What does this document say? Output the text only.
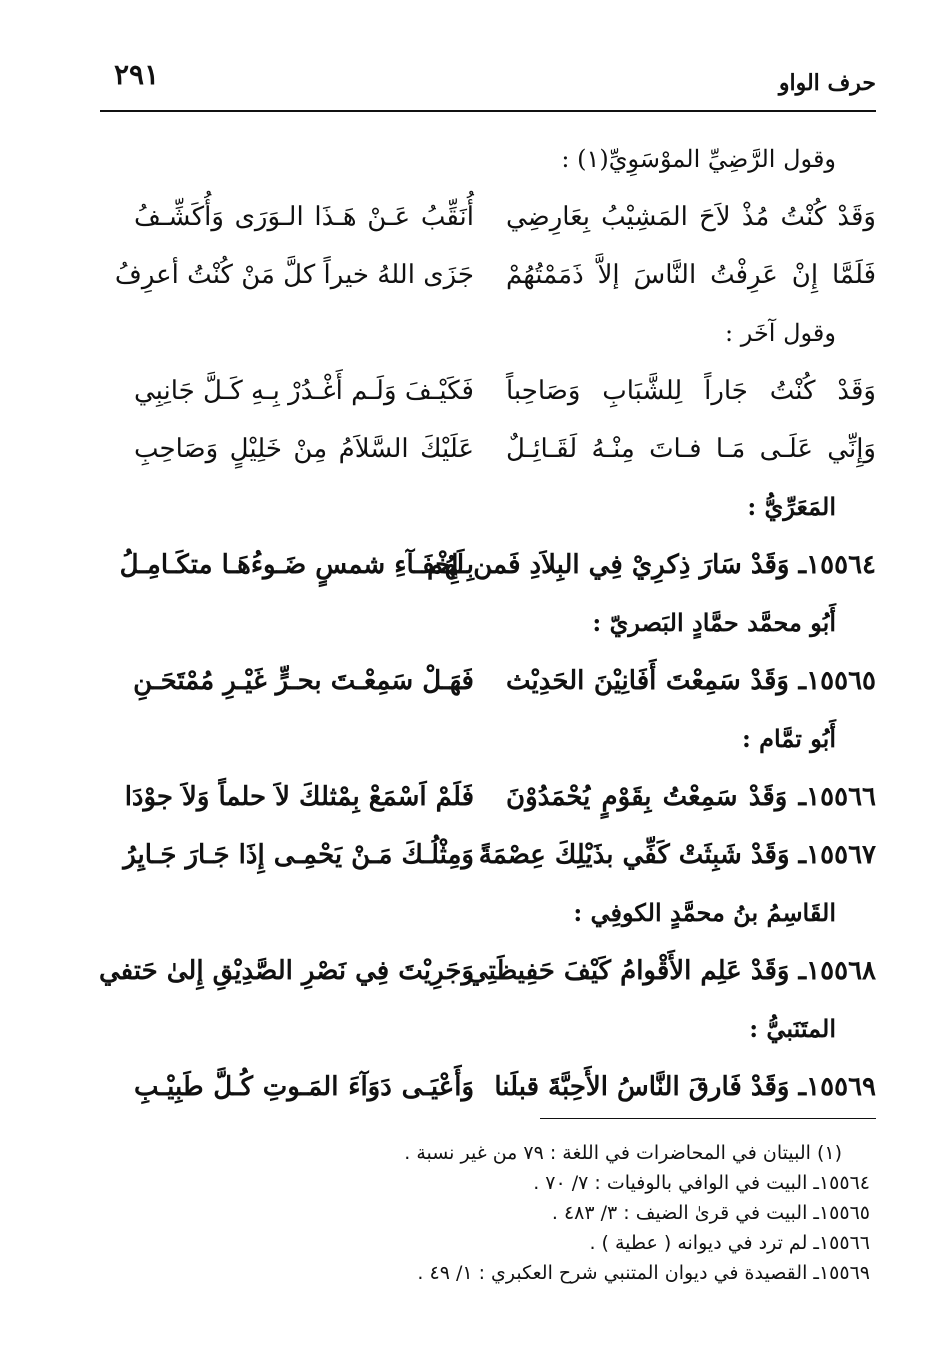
٢٩١	حرف الواو
وقول الرَّضِيِّ الموْسَوِيِّ(١) :
وَقَدْ كُنْتُ مُذْ لاَحَ المَشِيْبُ بِعَارِضِي
أُنَقِّبُ عَـنْ هَـذَا الـوَرَى وَأُكَشِّـفُ
فَلَمَّا إِنْ عَرِفْتُ النَّاسَ إلاَّ ذَمَمْتُهُمْ
جَزَى اللهُ خيراً كلَّ مَنْ كُنْتُ أعرِفُ
وقول آخَر :
وَقَدْ كُنْتُ جَاراً لِلشَّبَابِ وَصَاحِباً
فَكَيْـفَ وَلَـم أَغْـدُرْ بِـهِ كَـلَّ جَانِبِي
وَإِنِّي عَلَـى مَـا فـاتَ مِنْـهُ لَقَـائِـلٌ
عَلَيْكَ السَّلاَمُ مِنْ خَلِيْلٍ وَصَاحِبِ
المَعَرِّيُّ :
١٥٥٦٤ـ وَقَدْ سَارَ ذِكرِيْ فِي البِلاَدِ فَمن لَهُم
بِـإِخْفَـآءِ شمسٍ ضَـوءُهَـا متكَـامِـلُ
أَبُو محمَّد حمَّادٍ البَصريّ :
١٥٥٦٥ـ وَقَدْ سَمِعْتَ أَفَانِيْنَ الحَدِيْث
فَهَـلْ سَمِعْـتَ بحـرٍّ غَيْـرِ مُمْتَحَـنِ
أَبُو تمَّام :
١٥٥٦٦ـ وَقَدْ سَمِعْتُ بِقَوْمٍ يُحْمَدُوْنَ
فَلَمْ اَسْمَعْ بِمْثلكَ لاَ حلماً وَلاَ جوْدَا
١٥٥٦٧ـ وَقَدْ شَبِثَتْ كَفِّي بذَيْلِكَ عِصْمَةً
وَمِثْلُـكَ مَـنْ يَحْمِـى إِذَا جَـارَ جَـايِرُ
القَاسِمُ بنُ محمَّدٍ الكوفِي :
١٥٥٦٨ـ وَقَدْ عَلِم الأَقْوامُ كَيْفَ حَفِيظَتِي
وَجَرِيْتَ فِي نَصْرِ الصَّدِيْقِ إِلىٰ حَتفي
المتَنَبيُّ :
١٥٥٦٩ـ وَقَدْ فَارقَ النَّاسُ الأَحِبَّةَ قبلَنا
وَأَعْيَـى دَوَآءَ المَـوتِ كُـلَّ طَبِيْـبِ
(١) البيتان في المحاضرات في اللغة : ٧٩ من غير نسبة .
١٥٥٦٤ـ البيت في الوافي بالوفيات : ٧/ ٧٠ .
١٥٥٦٥ـ البيت في قرىٰ الضيف : ٣/ ٤٨٣ .
١٥٥٦٦ـ لم ترد في ديوانه ( عطية ) .
١٥٥٦٩ـ القصيدة في ديوان المتنبي شرح العكبري : ١/ ٤٩ .
